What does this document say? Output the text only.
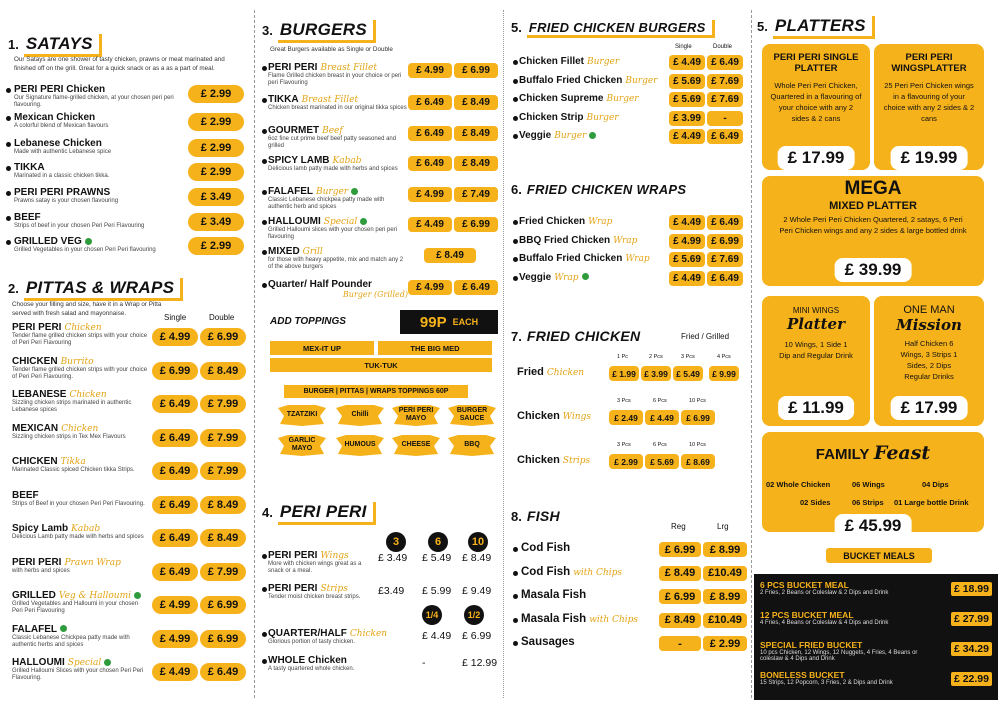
1. SATAYS
Our Satays are one shower of tasty chicken, prawns or meat marinated and finished off on the grill. Great for a quick snack or as a as a part of meal.
PERI PERI Chicken
Our Signature flame-grilled chicken, at your chosen peri peri flavouring.
£ 2.99
Mexican Chicken
A colorful blend of Mexican flavours	£ 2.99
Lebanese Chicken
Made with authentic Lebanese spice	£ 2.99
TIKKA
Marinated in a classic chicken tikka.	£ 2.99
PERI PERI PRAWNS
Prawns satay is your chosen flavouring	£ 3.49
BEEF
Strips of beef in your chosen Peri Peri Flavouring	£ 3.49
GRILLED VEG
Grilled Vegetables in your chosen Peri Peri flavouring	£ 2.99
2. PITTAS & WRAPS
Choose your filling and size, have it in a Wrap or Pitta served with fresh salad and mayonnaise.	Single	Double
PERI PERI Chicken
Tender flame grilled chicken strips with your choice of Peri Peri Flavouring	£ 4.99	£ 6.99
CHICKEN Burrito
Tender flame grilled chicken strips with your choice of Peri Peri Flavouring.	£ 6.99	£ 8.49
LEBANESE Chicken
Sizzling chicken strips marinated in authentic Lebanese spices	£ 6.49	£ 7.99
MEXICAN Chicken
Sizzling chicken strips in Tex Mex Flavours	£ 6.49	£ 7.99
CHICKEN Tikka
Marinated Classic spiced Chicken tikka Strips.	£ 6.49	£ 7.99
BEEF
Strips of Beef in your chosen Peri Peri Flavouring.	£ 6.49	£ 8.49
Spicy Lamb Kabab
Delicious Lamb patty made with herbs and spices	£ 6.49	£ 8.49
PERI PERI Prawn Wrap
with herbs and spices	£ 6.49	£ 7.99
GRILLED Veg & Halloumi
Grilled Vegetables and Halloumi in your chosen Peri Peri Flavouring	£ 4.99	£ 6.99
FALAFEL
Classic Lebanese Chickpea patty made with authentic herbs and spices	£ 4.99	£ 6.99
HALLOUMI Special
Grilled Halloumi Slices with your chosen Peri Peri Flavouring.	£ 4.49	£ 6.49
3. BURGERS
Great Burgers available as Single or Double
PERI PERI Breast Fillet
Flame Grilled chicken breast in your choice or peri peri Flavouring
£ 4.99	£ 6.99
TIKKA Breast Fillet
Chicken breast marinated in our original tikka spices £ 6.49	£ 8.49
GOURMET Beef
6oz fine cut prime beef beef patty seasoned and grilled
£ 6.49	£ 8.49
SPICY LAMB Kabab
Delicious lamb patty made with herbs and spices	£ 6.49	£ 8.49
FALAFEL Burger
Classic Lebanese chickpea patty made with authentic herb and spices
£ 4.99	£ 7.49
HALLOUMI Special
Grilled Halloumi slices with your chosen peri peri flavouring
£ 4.49	£ 6.99
MIXED Grill
for those with heavy appetite, mix and match any 2 of the above burgers
£ 8.49
Quarter/ Half Pounder
Burger (Grilled)
£ 4.99	£ 6.49
ADD TOPPINGS	99P EACH
MEX-IT UP	THE BIG MED
TUK-TUK
BURGER | PITTAS | WRAPS TOPPINGS 60P
TZATZIKI	Chilli
PERI PERI MAYO
BURGER SAUCE
GARLIC MAYO
HUMOUS	CHEESE	BBQ
4. PERI PERI
3	6	10
1/4	1/2
PERI PERI Wings
More with chicken wings great as a snack or a meal.
£ 3.49 £ 5.49 £ 8.49
PERI PERI Strips
Tender moist chicken breast strips.	£3.49 £ 5.99 £ 9.49
QUARTER/HALF Chicken
Glorious portion of tasty chicken.	£ 4.49 £ 6.99
WHOLE Chicken
A tasty quartered whole chicken.	-	£ 12.99
5. FRIED CHICKEN BURGERS
Single	Double
Chicken Fillet Burger	£ 4.49	£ 6.49
Buffalo Fried Chicken Burger	£ 5.69	£ 7.69
Chicken Supreme Burger	£ 5.69	£ 7.69
Chicken Strip Burger	£ 3.99	-
Veggie Burger	£ 4.49	£ 6.49
6. FRIED CHICKEN WRAPS
Fried Chicken Wrap	£ 4.49	£ 6.49
BBQ Fried Chicken Wrap	£ 4.99	£ 6.99
Buffalo Fried Chicken Wrap	£ 5.69	£ 7.69
Veggie Wrap	£ 4.49	£ 6.49
7. FRIED CHICKEN	Fried / Grilled
Fried Chicken
1 Pc	2 Pcs	3 Pcs	4 Pcs
£ 1.99 £ 3.99 £ 5.49	£ 9.99
Chicken Wings
3 Pcs	6 Pcs	10 Pcs
£ 2.49	£ 4.49	£ 6.99
Chicken Strips
3 Pcs	6 Pcs	10 Pcs
£ 2.99	£ 5.69	£ 8.69
8. FISH
Reg	Lrg
Cod Fish	£ 6.99	£ 8.99
Cod Fish with Chips	£ 8.49	£10.49
Masala Fish	£ 6.99	£ 8.99
Masala Fish with Chips	£ 8.49	£10.49
Sausages	-	£ 2.99
5. PLATTERS
PERI PERI SINGLE PLATTER
Whole Peri Peri Chicken, Quartered in a flavouring of your choice with any 2 sides & 2 cans
£ 17.99
PERI PERI WINGSPLATTER
25 Peri Peri Chicken wings in a flavouring of your choice with any 2 sides & 2 cans
£ 19.99
MEGA
MIXED PLATTER
2 Whole Peri Peri Chicken Quartered, 2 satays, 6 Peri Peri Chicken wings and any 2 sides & large bottled drink
£ 39.99
MINI WINGS
Platter
10 Wings, 1 Side 1 Dip and Regular Drink
£ 11.99
ONE MAN
Mission
Half Chicken 6 Wings, 3 Strips 1 Sides, 2 Dips Regular Drinks
£ 17.99
FAMILY Feast
02 Whole Chicken	06 Wings	04 Dips
02 Sides	06 Strips 01 Large bottle Drink
£ 45.99
BUCKET MEALS
6 PCS BUCKET MEAL
2 Fries, 2 Beans or Coleslaw & 2 Dips and Drink	£ 18.99
12 PCS BUCKET MEAL
4 Fries, 4 Beans or Coleslaw & 4 Dips and Drink	£ 27.99
SPECIAL FRIED BUCKET
10 pcs Chicken, 12 Wings, 12 Nuggets, 4 Fries, 4 Beans or coleslaw & 4 Dips and Drink
£ 34.29
BONELESS BUCKET
15 Strips, 12 Popcorn, 3 Fries, 2 & Dips and Drink	£ 22.99
